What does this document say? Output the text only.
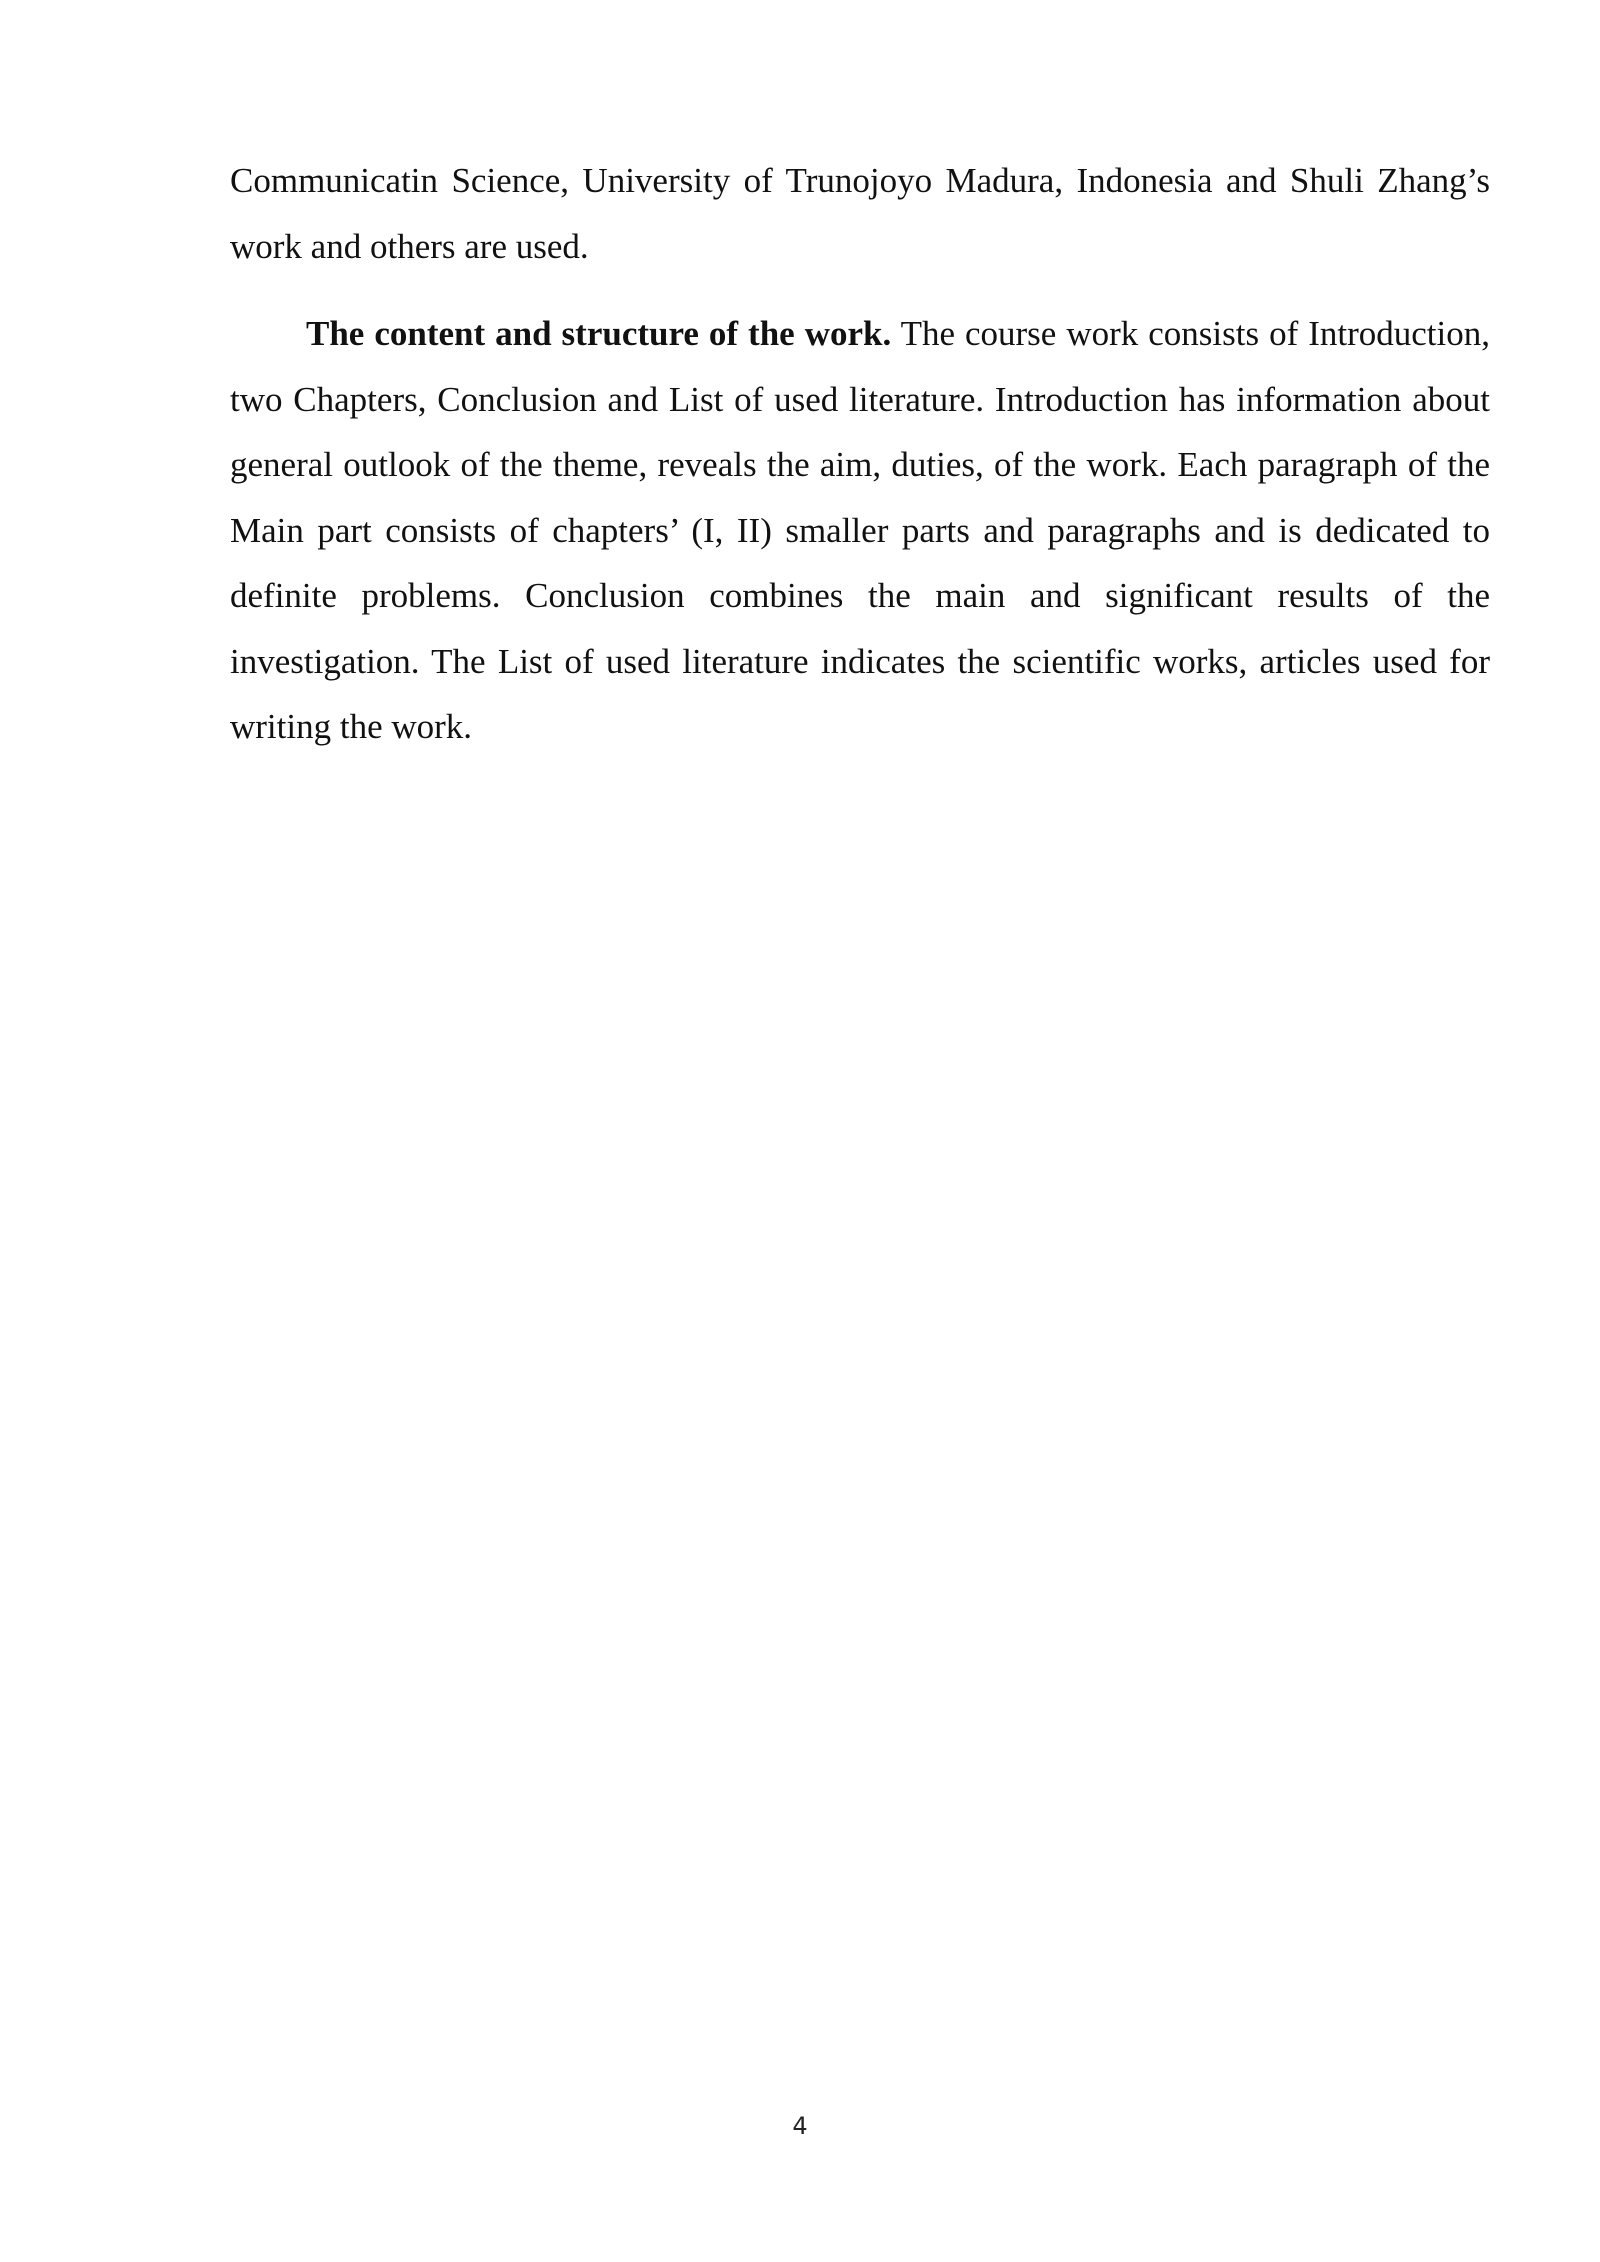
Communicatin Science, University of Trunojoyo Madura, Indonesia and Shuli Zhang’s work and others are used.

The content and structure of the work. The course work consists of Introduction, two Chapters, Conclusion and List of used literature. Introduction has information about general outlook of the theme, reveals the aim, duties, of the work. Each paragraph of the Main part consists of chapters’ (I, II) smaller parts and paragraphs and is dedicated to definite problems. Conclusion combines the main and significant results of the investigation. The List of used literature indicates the scientific works, articles used for writing the work.

4
